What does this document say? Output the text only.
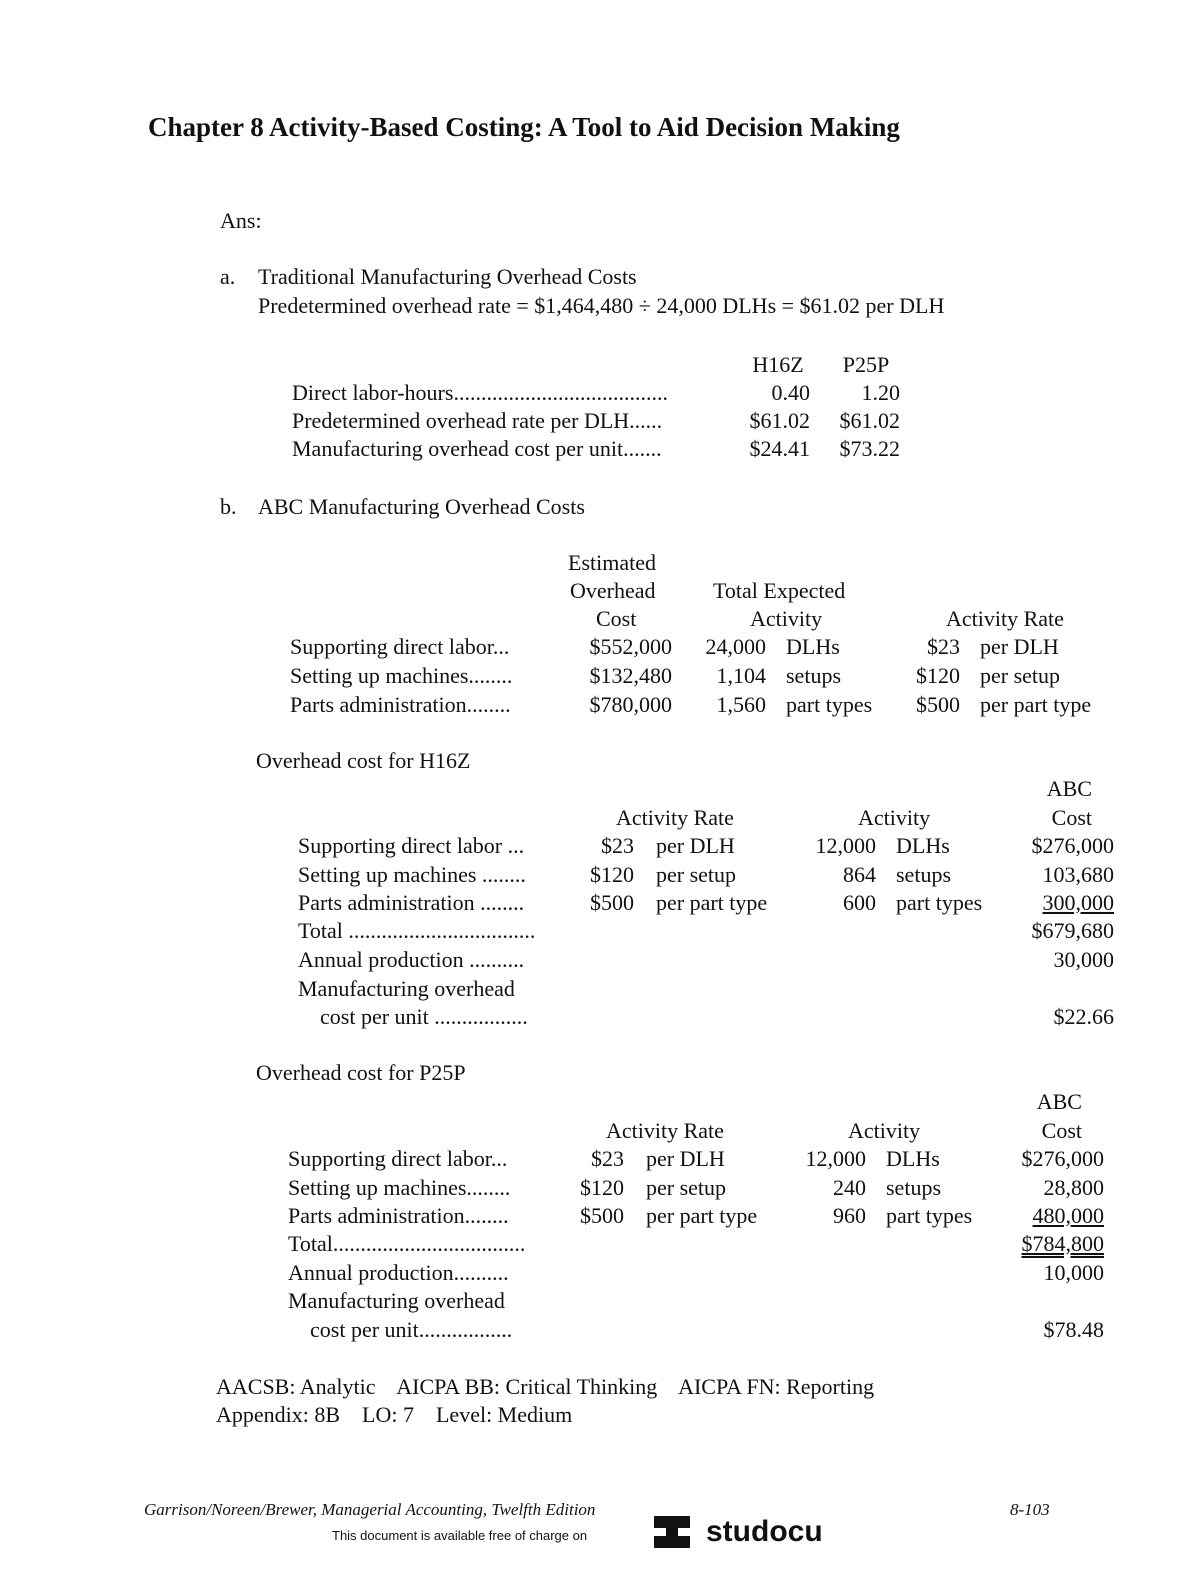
Chapter 8 Activity-Based Costing: A Tool to Aid Decision Making
Ans:
a. Traditional Manufacturing Overhead Costs
Predetermined overhead rate = $1,464,480 ÷ 24,000 DLHs = $61.02 per DLH
H16Z	P25P
Direct labor-hours.......................................	0.40	1.20
Predetermined overhead rate per DLH......	$61.02	$61.02
Manufacturing overhead cost per unit.......	$24.41	$73.22
b. ABC Manufacturing Overhead Costs
Estimated
Overhead
Cost
Total Expected
Activity	Activity Rate
Supporting direct labor...	$552,000	24,000 DLHs	$23 per DLH
Setting up machines........	$132,480	1,104 setups	$120 per setup
Parts administration........	$780,000	1,560 part types	$500 per part type
Overhead cost for H16Z
ABC
Activity Rate	Activity	Cost
Supporting direct labor ...	$23 per DLH	12,000 DLHs	$276,000
Setting up machines ........	$120 per setup	864 setups	103,680
Parts administration ........	$500 per part type	600 part types	300,000
Total ..................................	$679,680
Annual production ..........	30,000
Manufacturing overhead
cost per unit .................	$22.66
Overhead cost for P25P
ABC
Activity Rate	Activity	Cost
Supporting direct labor...	$23 per DLH	12,000 DLHs	$276,000
Setting up machines........	$120 per setup	240 setups	28,800
Parts administration........	$500 per part type	960 part types	480,000
Total...................................	$784,800
Annual production..........	10,000
Manufacturing overhead
cost per unit.................	$78.48
AACSB: Analytic    AICPA BB: Critical Thinking    AICPA FN: Reporting
Appendix: 8B    LO: 7    Level: Medium
Garrison/Noreen/Brewer, Managerial Accounting, Twelfth Edition	8-103
This document is available free of charge on	studocu
